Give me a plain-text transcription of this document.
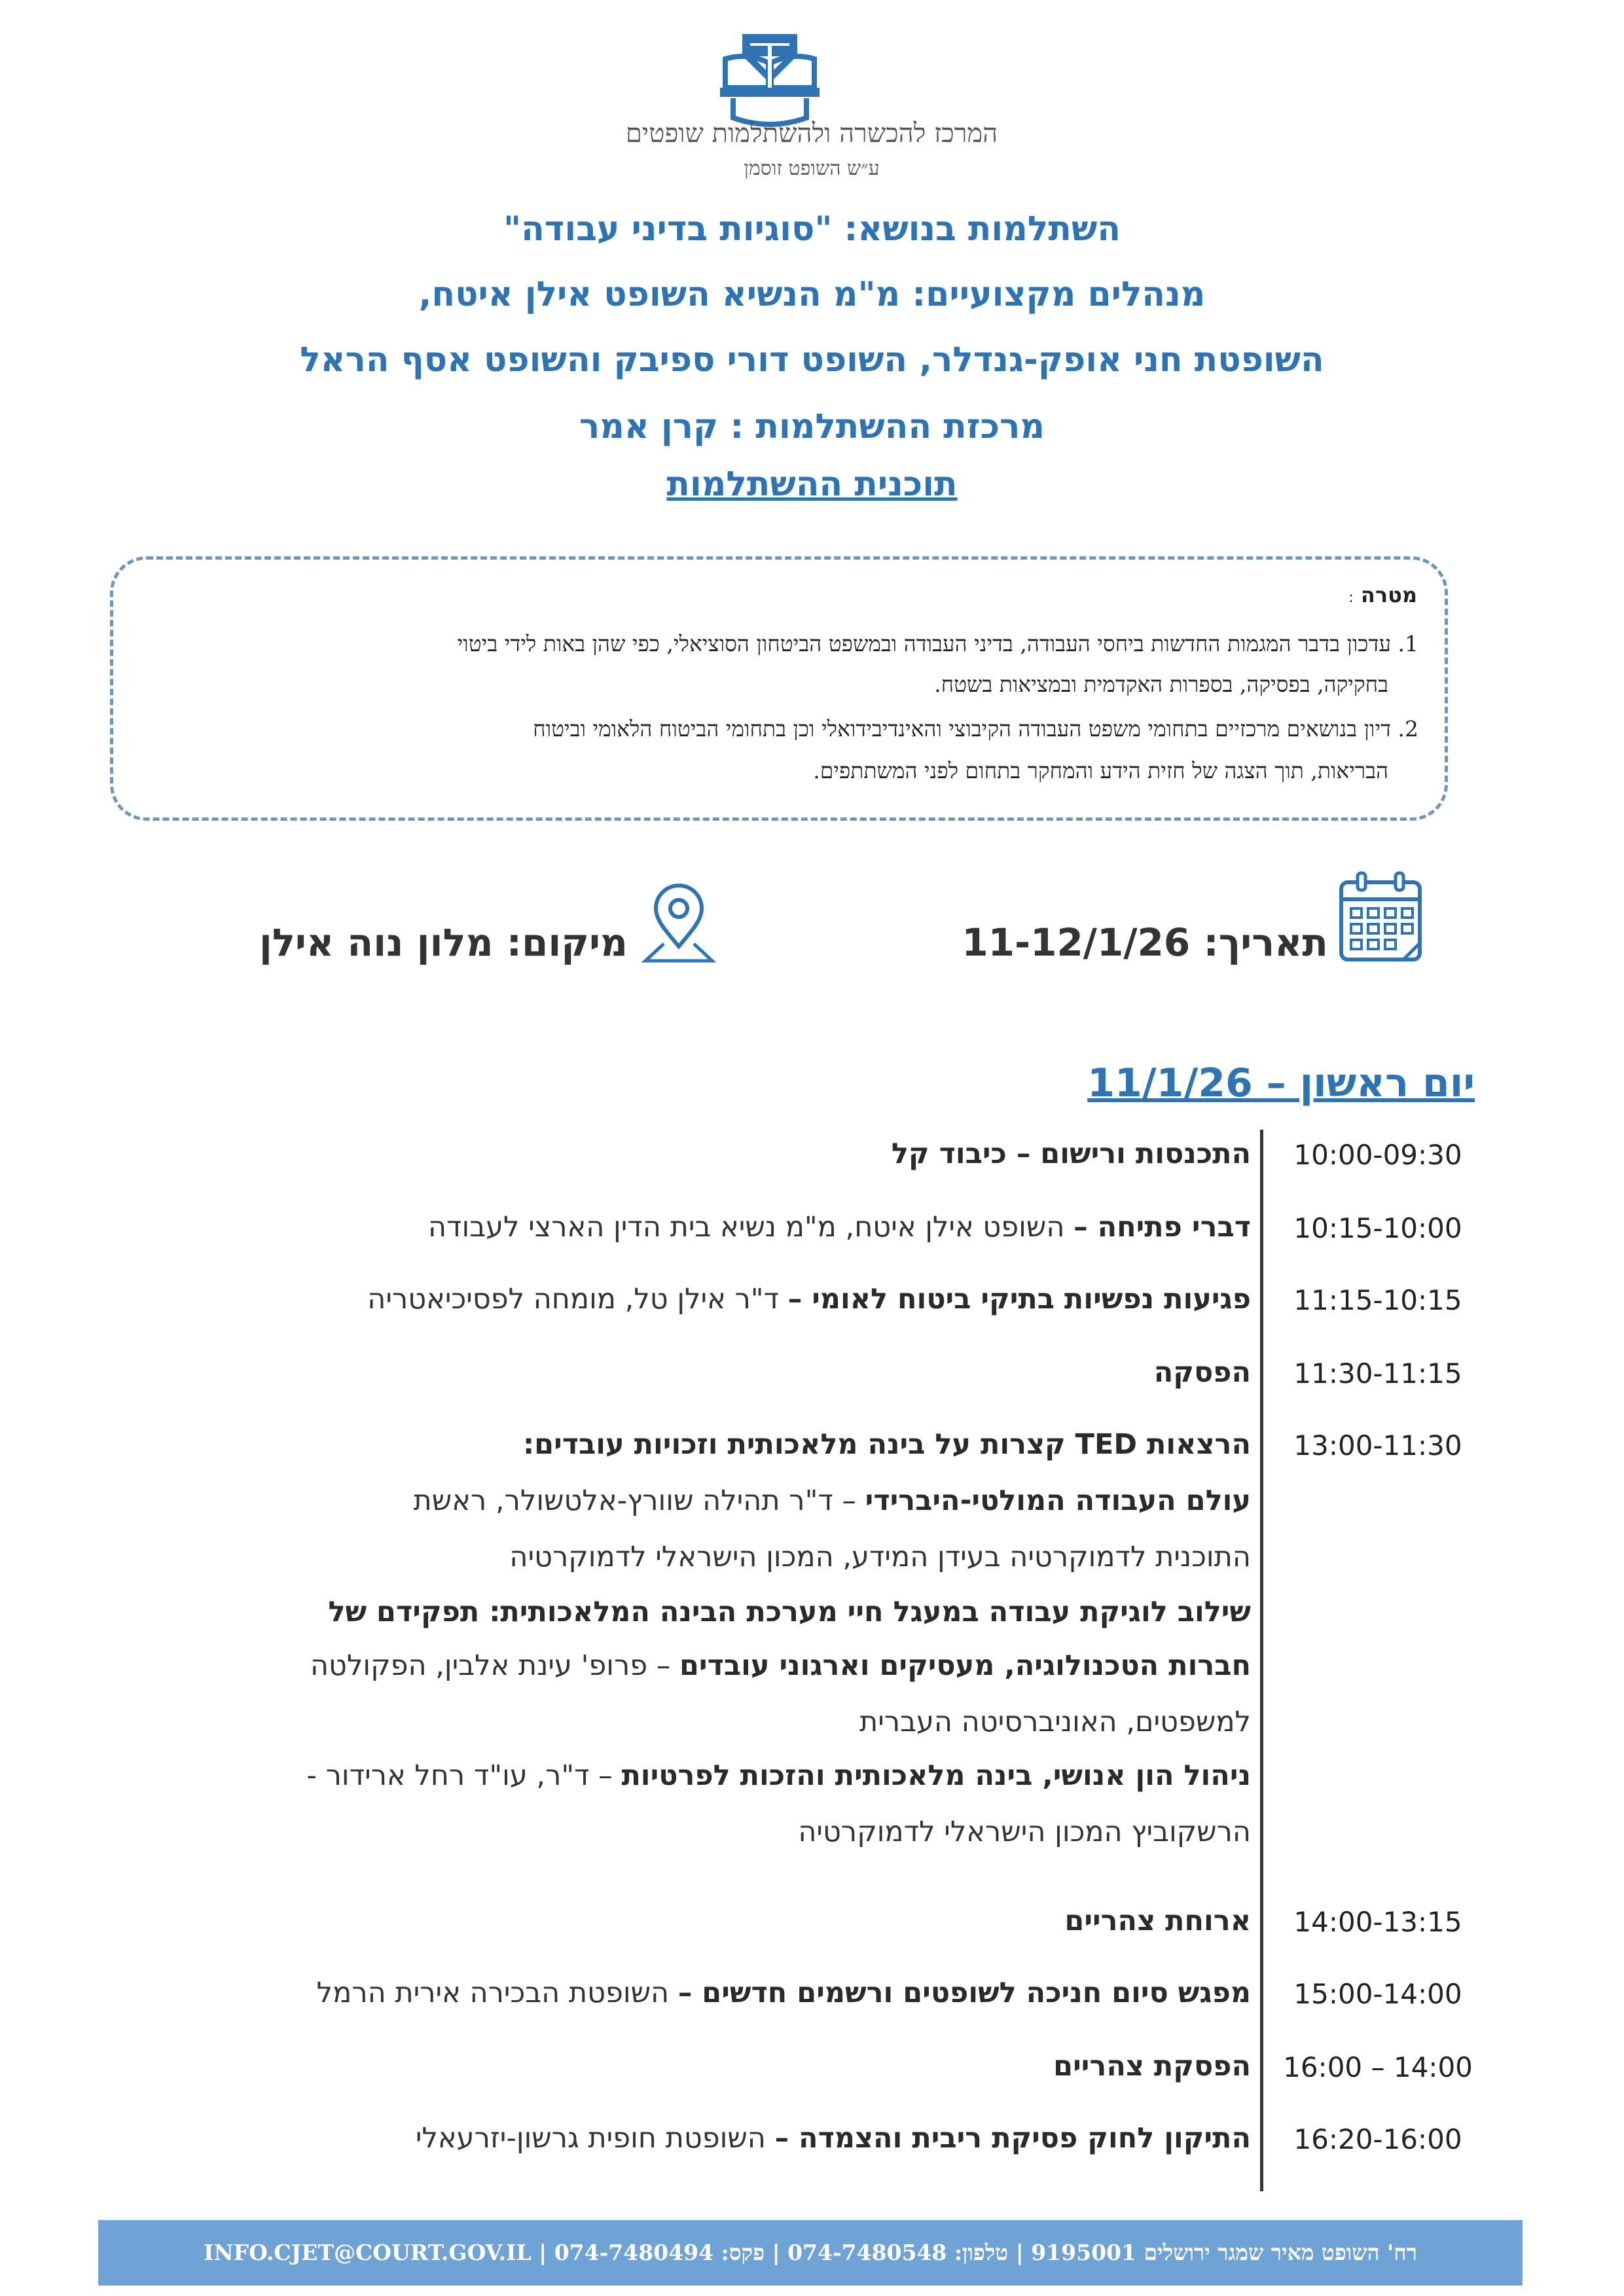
המרכז להכשרה ולהשתלמות שופטים
ע״ש השופט זוסמן
השתלמות בנושא: "סוגיות בדיני עבודה"
מנהלים מקצועיים: מ"מ הנשיא השופט אילן איטח,
השופטת חני אופק-גנדלר, השופט דורי ספיבק והשופט אסף הראל
מרכזת ההשתלמות : קרן אמר
תוכנית ההשתלמות
מטרה :
1. עדכון בדבר המגמות החדשות ביחסי העבודה, בדיני העבודה ובמשפט הביטחון הסוציאלי, כפי שהן באות לידי ביטוי
בחקיקה, בפסיקה, בספרות האקדמית ובמציאות בשטח.
2. דיון בנושאים מרכזיים בתחומי משפט העבודה הקיבוצי והאינדיבידואלי וכן בתחומי הביטוח הלאומי וביטוח
הבריאות, תוך הצגה של חזית הידע והמחקר בתחום לפני המשתתפים.
תאריך: 11-12/1/26
מיקום: מלון נוה אילן
יום ראשון – 11/1/26
10:00-09:30
התכנסות ורישום – כיבוד קל
10:15-10:00
דברי פתיחה – השופט אילן איטח, מ"מ נשיא בית הדין הארצי לעבודה
11:15-10:15
פגיעות נפשיות בתיקי ביטוח לאומי – ד"ר אילן טל, מומחה לפסיכיאטריה
11:30-11:15
הפסקה
13:00-11:30
הרצאות TED קצרות על בינה מלאכותית וזכויות עובדים:
עולם העבודה המולטי-היברידי – ד"ר תהילה שוורץ-אלטשולר, ראשת
התוכנית לדמוקרטיה בעידן המידע, המכון הישראלי לדמוקרטיה
שילוב לוגיקת עבודה במעגל חיי מערכת הבינה המלאכותית: תפקידם של
חברות הטכנולוגיה, מעסיקים וארגוני עובדים – פרופ' עינת אלבין, הפקולטה
למשפטים, האוניברסיטה העברית
ניהול הון אנושי, בינה מלאכותית והזכות לפרטיות – ד"ר, עו"ד רחל ארידור -
הרשקוביץ המכון הישראלי לדמוקרטיה
14:00-13:15
ארוחת צהריים
15:00-14:00
מפגש סיום חניכה לשופטים ורשמים חדשים – השופטת הבכירה אירית הרמל
16:00 – 14:00
הפסקת צהריים
16:20-16:00
התיקון לחוק פסיקת ריבית והצמדה – השופטת חופית גרשון-יזרעאלי
רח' השופט מאיר שמגר ירושלים 9195001 | טלפון: 074-7480548 | פקס: 074-7480494 | INFO.CJET@COURT.GOV.IL
